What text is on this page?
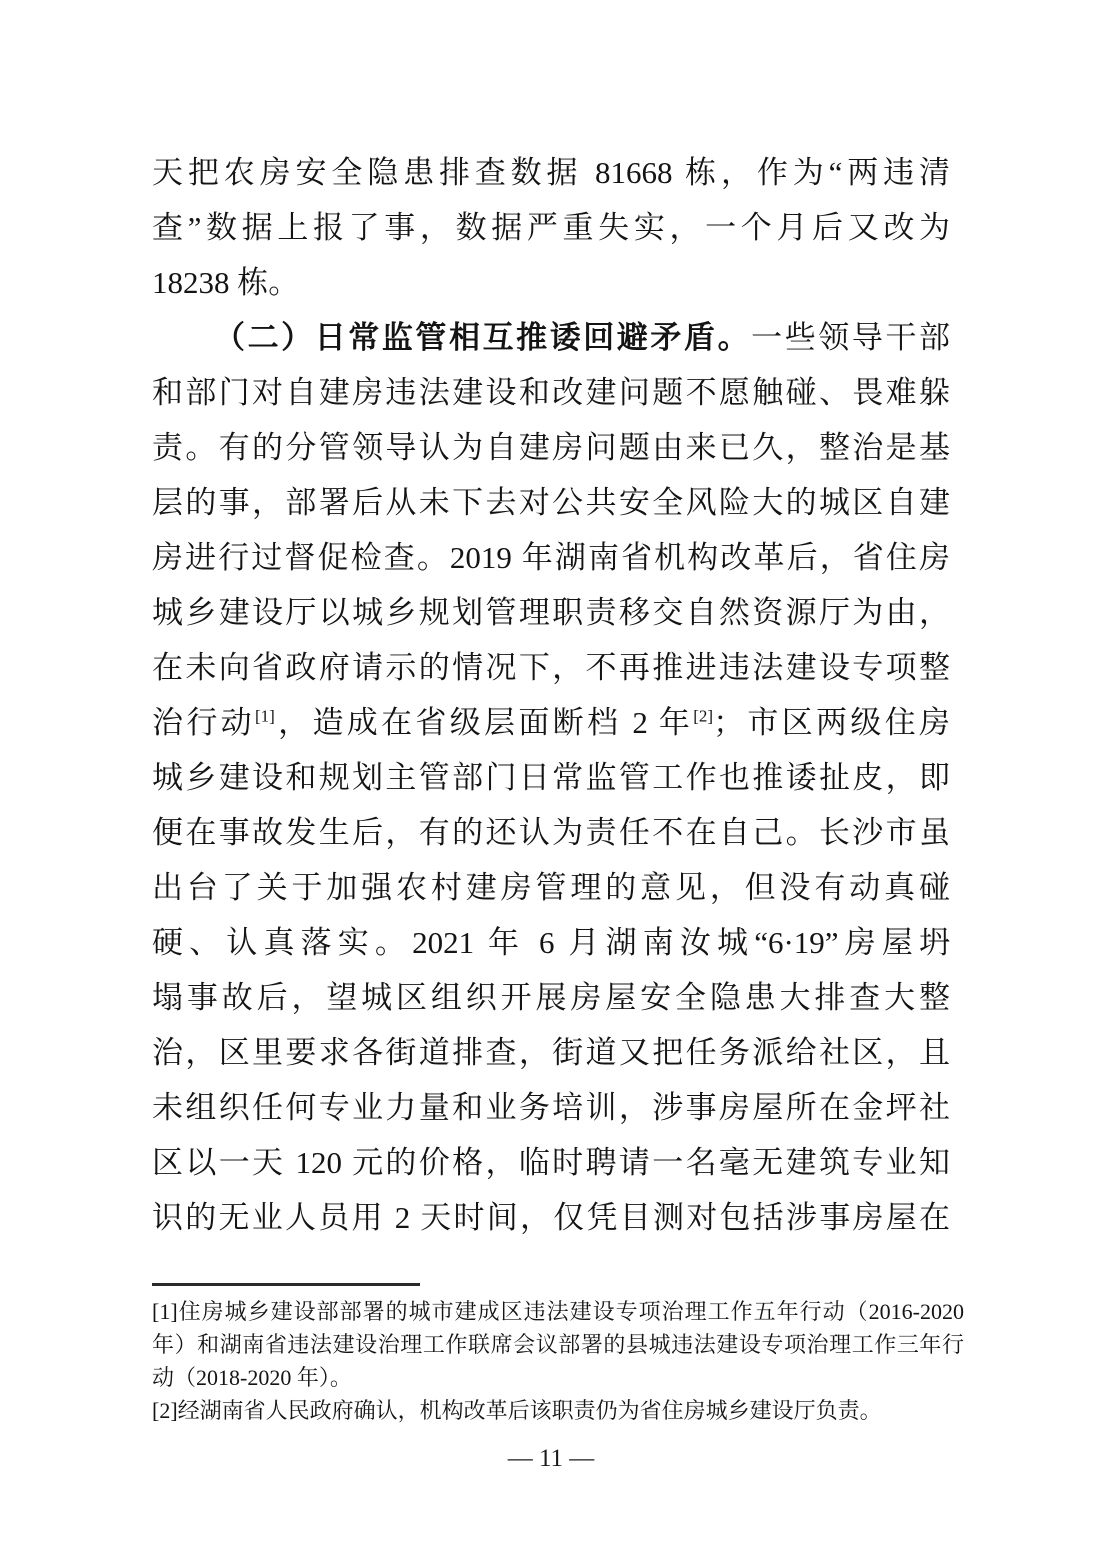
天把农房安全隐患排查数据 81668 栋，作为“两违清
查”数据上报了事，数据严重失实，一个月后又改为
18238 栋。
（二）日常监管相互推诿回避矛盾。一些领导干部
和部门对自建房违法建设和改建问题不愿触碰、畏难躲
责。有的分管领导认为自建房问题由来已久，整治是基
层的事，部署后从未下去对公共安全风险大的城区自建
房进行过督促检查。2019 年湖南省机构改革后，省住房
城乡建设厅以城乡规划管理职责移交自然资源厅为由，
在未向省政府请示的情况下，不再推进违法建设专项整
治行动[1]，造成在省级层面断档 2 年[2]；市区两级住房
城乡建设和规划主管部门日常监管工作也推诿扯皮，即
便在事故发生后，有的还认为责任不在自己。长沙市虽
出台了关于加强农村建房管理的意见，但没有动真碰
硬、认真落实。2021 年 6 月湖南汝城“6·19”房屋坍
塌事故后，望城区组织开展房屋安全隐患大排查大整
治，区里要求各街道排查，街道又把任务派给社区，且
未组织任何专业力量和业务培训，涉事房屋所在金坪社
区以一天 120 元的价格，临时聘请一名毫无建筑专业知
识的无业人员用 2 天时间，仅凭目测对包括涉事房屋在
[1]住房城乡建设部部署的城市建成区违法建设专项治理工作五年行动（2016-2020
年）和湖南省违法建设治理工作联席会议部署的县城违法建设专项治理工作三年行
动（2018-2020 年）。
[2]经湖南省人民政府确认，机构改革后该职责仍为省住房城乡建设厅负责。
— 11 —
